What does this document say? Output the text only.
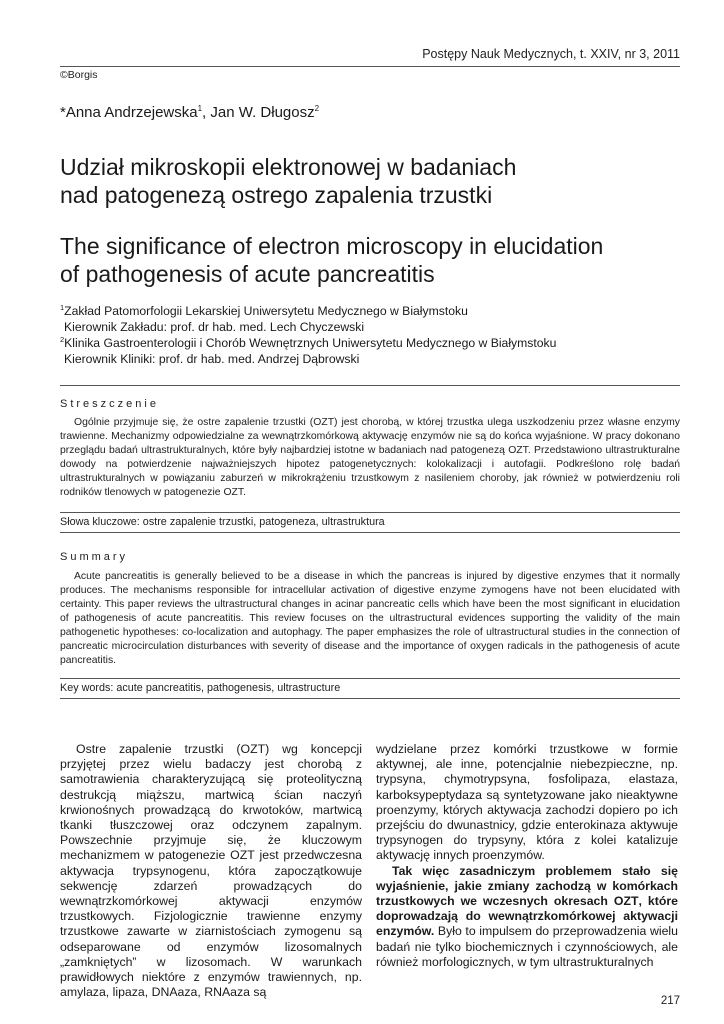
Postępy Nauk Medycznych, t. XXIV, nr 3, 2011
©Borgis
*Anna Andrzejewska$^1$, Jan W. Długosz$^2$
Udział mikroskopii elektronowej w badaniach
nad patogenezą ostrego zapalenia trzustki
The significance of electron microscopy in elucidation
of pathogenesis of acute pancreatitis
$^1$Zakład Patomorfologii Lekarskiej Uniwersytetu Medycznego w Białymstoku
Kierownik Zakładu: prof. dr hab. med. Lech Chyczewski
$^2$Klinika Gastroenterologii i Chorób Wewnętrznych Uniwersytetu Medycznego w Białymstoku
Kierownik Kliniki: prof. dr hab. med. Andrzej Dąbrowski
Streszczenie

Ogólnie przyjmuje się, że ostre zapalenie trzustki (OZT) jest chorobą, w której trzustka ulega uszkodzeniu przez własne enzymy trawienne. Mechanizmy odpowiedzialne za wewnątrzkomórkową aktywację enzymów nie są do końca wyjaśnione. W pracy dokonano przeglądu badań ultrastrukturalnych, które były najbardziej istotne w badaniach nad patogenezą OZT. Przedstawiono ultrastrukturalne dowody na potwierdzenie najważniejszych hipotez patogenetycznych: kolokalizacji i autofagii. Podkreślono rolę badań ultrastrukturalnych w powiązaniu zaburzeń w mikrokrążeniu trzustkowym z nasileniem choroby, jak również w potwierdzeniu roli rodników tlenowych w patogenezie OZT.

Słowa kluczowe: ostre zapalenie trzustki, patogeneza, ultrastruktura
Summary

Acute pancreatitis is generally believed to be a disease in which the pancreas is injured by digestive enzymes that it normally produces. The mechanisms responsible for intracellular activation of digestive enzyme zymogens have not been elucidated with certainty. This paper reviews the ultrastructural changes in acinar pancreatic cells which have been the most significant in elucidation of pathogenesis of acute pancreatitis. This review focuses on the ultrastructural evidences supporting the validity of the main pathogenetic hypotheses: co-localization and autophagy. The paper emphasizes the role of ultrastructural studies in the connection of pancreatic microcirculation disturbances with severity of disease and the importance of oxygen radicals in the pathogenesis of acute pancreatitis.

Key words: acute pancreatitis, pathogenesis, ultrastructure

Ostre zapalenie trzustki (OZT) wg koncepcji przyjętej przez wielu badaczy jest chorobą z samotrawienia charakteryzującą się proteolityczną destrukcją miąższu, martwicą ścian naczyń krwionośnych prowadzącą do krwotoków, martwicą tkanki tłuszczowej oraz odczynem zapalnym. Powszechnie przyjmuje się, że kluczowym mechanizmem w patogenezie OZT jest przedwczesna aktywacja trypsynogenu, która zapoczątkowuje sekwencję zdarzeń prowadzących do wewnątrzkomórkowej aktywacji enzymów trzustkowych. Fizjologicznie trawienne enzymy trzustkowe zawarte w ziarnistościach zymogenu są odseparowane od enzymów lizosomalnych „zamkniętych” w lizosomach. W warunkach prawidłowych niektóre z enzymów trawiennych, np. amylaza, lipaza, DNAaza, RNAaza są

wydzielane przez komórki trzustkowe w formie aktywnej, ale inne, potencjalnie niebezpieczne, np. trypsyna, chymotrypsyna, fosfolipaza, elastaza, karboksypeptydaza są syntetyzowane jako nieaktywne proenzymy, których aktywacja zachodzi dopiero po ich przejściu do dwunastnicy, gdzie enterokinaza aktywuje trypsynogen do trypsyny, która z kolei katalizuje aktywację innych proenzymów.

Tak więc zasadniczym problemem stało się wyjaśnienie, jakie zmiany zachodzą w komórkach trzustkowych we wczesnych okresach OZT, które doprowadzają do wewnątrzkomórkowej aktywacji enzymów. Było to impulsem do przeprowadzenia wielu badań nie tylko biochemicznych i czynnościowych, ale również morfologicznych, w tym ultrastrukturalnych

217
